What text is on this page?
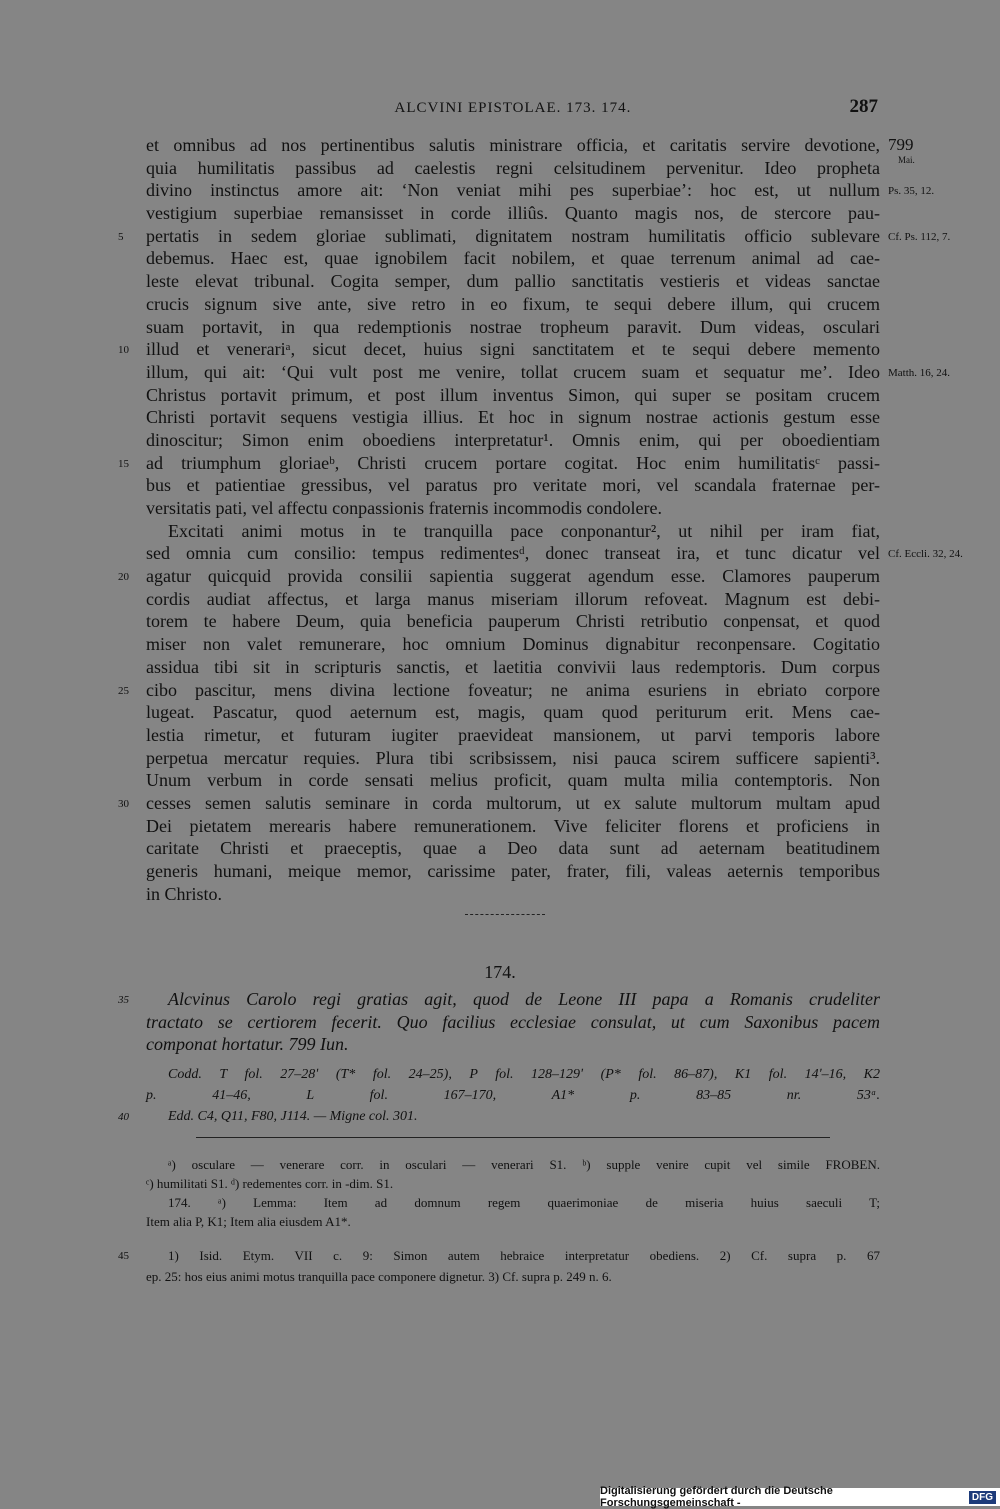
ALCVINI EPISTOLAE. 173. 174.	287
et omnibus ad nos pertinentibus salutis ministrare officia, et caritatis servire devotione, 799
quia humilitatis passibus ad caelestis regni celsitudinem pervenitur. Ideo propheta Mai.
divino instinctus amore ait: ‘Non veniat mihi pes superbiae’: hoc est, ut nullum Ps. 35, 12.
vestigium superbiae remansisset in corde illiûs. Quanto magis nos, de stercore pau-
pertatis in sedem gloriae sublimati, dignitatem nostram humilitatis officio sublevare
5	Cf. Ps. 112, 7.
debemus. Haec est, quae ignobilem facit nobilem, et quae terrenum animal ad cae-
leste elevat tribunal. Cogita semper, dum pallio sanctitatis vestieris et videas sanctae
crucis signum sive ante, sive retro in eo fixum, te sequi debere illum, qui crucem
suam portavit, in qua redemptionis nostrae tropheum paravit. Dum videas, osculari
illud et venerariᵃ, sicut decet, huius signi sanctitatem et te sequi debere memento
10
illum, qui ait: ‘Qui vult post me venire, tollat crucem suam et sequatur me’. Ideo Matth. 16, 24.
Christus portavit primum, et post illum inventus Simon, qui super se positam crucem
Christi portavit sequens vestigia illius. Et hoc in signum nostrae actionis gestum esse
dinoscitur; Simon enim oboediens interpretatur¹. Omnis enim, qui per oboedientiam
ad triumphum gloriaeᵇ, Christi crucem portare cogitat. Hoc enim humilitatisᶜ passi-
15
bus et patientiae gressibus, vel paratus pro veritate mori, vel scandala fraternae per-
versitatis pati, vel affectu conpassionis fraternis incommodis condolere.
Excitati animi motus in te tranquilla pace conponantur², ut nihil per iram fiat,
sed omnia cum consilio: tempus redimentesᵈ, donec transeat ira, et tunc dicatur vel Cf. Eccli. 32, 24.
agatur quicquid provida consilii sapientia suggerat agendum esse. Clamores pauperum
20
cordis audiat affectus, et larga manus miseriam illorum refoveat. Magnum est debi-
torem te habere Deum, quia beneficia pauperum Christi retributio conpensat, et quod
miser non valet remunerare, hoc omnium Dominus dignabitur reconpensare. Cogitatio
assidua tibi sit in scripturis sanctis, et laetitia convivii laus redemptoris. Dum corpus
cibo pascitur, mens divina lectione foveatur; ne anima esuriens in ebriato corpore
25
lugeat. Pascatur, quod aeternum est, magis, quam quod periturum erit. Mens cae-
lestia rimetur, et futuram iugiter praevideat mansionem, ut parvi temporis labore
perpetua mercatur requies. Plura tibi scribsissem, nisi pauca scirem sufficere sapienti³.
Unum verbum in corde sensati melius proficit, quam multa milia contemptoris. Non
cesses semen salutis seminare in corda multorum, ut ex salute multorum multam apud
30
Dei pietatem merearis habere remunerationem. Vive feliciter florens et proficiens in
caritate Christi et praeceptis, quae a Deo data sunt ad aeternam beatitudinem
generis humani, meique memor, carissime pater, frater, fili, valeas aeternis temporibus
in Christo.
174.
Alcvinus Carolo regi gratias agit, quod de Leone III papa a Romanis crudeliter
35
tractato se certiorem fecerit. Quo facilius ecclesiae consulat, ut cum Saxonibus pacem
componat hortatur. 799 Iun.
Codd. T fol. 27–28ʹ (T* fol. 24–25), P fol. 128–129ʹ (P* fol. 86–87), K1 fol. 14ʹ–16, K2
p. 41–46, L fol. 167–170, A1* p. 83–85 nr. 53ᵃ.
Edd. C4, Q11, F80, J114. — Migne col. 301.
40
ᵃ) osculare — venerare corr. in osculari — venerari S1. ᵇ) supple venire cupit vel simile FROBEN.
ᶜ) humilitati S1. ᵈ) redementes corr. in -dim. S1.
174. ᵃ) Lemma: Item ad domnum regem quaerimoniae de miseria huius saeculi T;
Item alia P, K1; Item alia eiusdem A1*.
1) Isid. Etym. VII c. 9: Simon autem hebraice interpretatur obediens. 2) Cf. supra p. 67
45
ep. 25: hos eius animi motus tranquilla pace componere dignetur. 3) Cf. supra p. 249 n. 6.
Digitalisierung gefördert durch die Deutsche Forschungsgemeinschaft -	DFG
